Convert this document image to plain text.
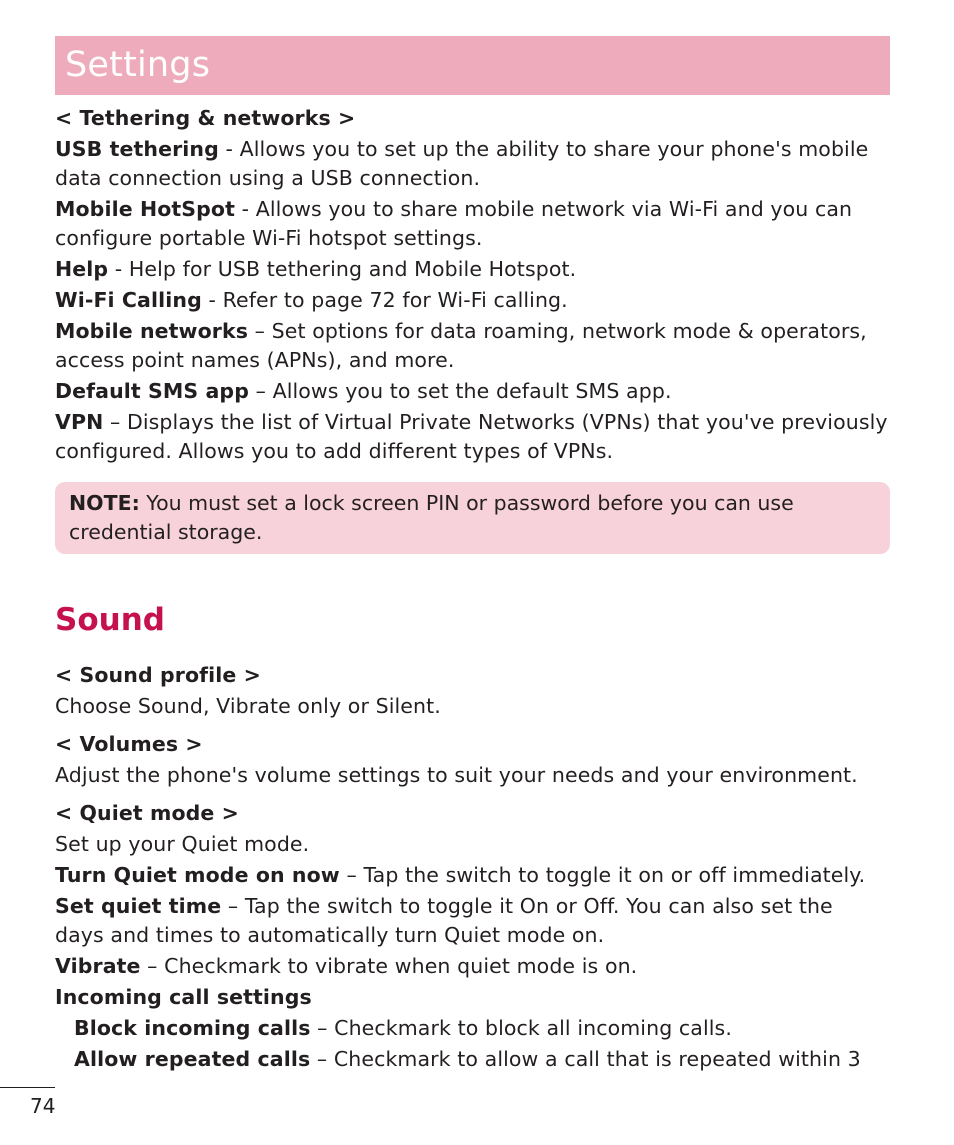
Settings

< Tethering & networks >

USB tethering - Allows you to set up the ability to share your phone's mobile

data connection using a USB connection.

Mobile HotSpot - Allows you to share mobile network via Wi-Fi and you can

configure portable Wi-Fi hotspot settings.

Help - Help for USB tethering and Mobile Hotspot.

Wi-Fi Calling - Refer to page 72 for Wi-Fi calling.

Mobile networks – Set options for data roaming, network mode & operators,

access point names (APNs), and more.

Default SMS app – Allows you to set the default SMS app.

VPN – Displays the list of Virtual Private Networks (VPNs) that you've previously

configured. Allows you to add different types of VPNs.

NOTE: You must set a lock screen PIN or password before you can use
credential storage.
Sound

< Sound profile >

Choose Sound, Vibrate only or Silent.

< Volumes >

Adjust the phone's volume settings to suit your needs and your environment.

< Quiet mode >

Set up your Quiet mode.

Turn Quiet mode on now – Tap the switch to toggle it on or off immediately.

Set quiet time – Tap the switch to toggle it On or Off. You can also set the

days and times to automatically turn Quiet mode on.

Vibrate – Checkmark to vibrate when quiet mode is on.

Incoming call settings

Block incoming calls – Checkmark to block all incoming calls.

Allow repeated calls – Checkmark to allow a call that is repeated within 3

74
